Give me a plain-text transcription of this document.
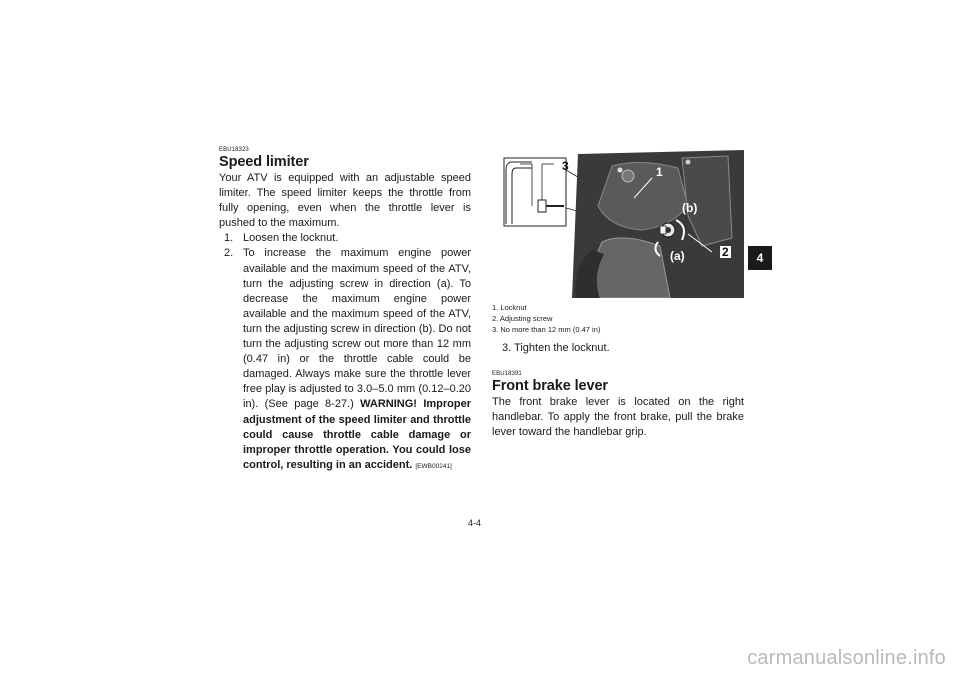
EBU18323

Speed limiter

Your ATV is equipped with an adjustable speed limiter. The speed limiter keeps the throttle from fully opening, even when the throttle lever is pushed to the maximum.

1. Loosen the locknut.
2. To increase the maximum engine power available and the maximum speed of the ATV, turn the adjusting screw in direction (a). To decrease the maximum engine power available and the maximum speed of the ATV, turn the adjusting screw in direction (b). Do not turn the adjusting screw out more than 12 mm (0.47 in) or the throttle cable could be damaged. Always make sure the throttle lever free play is adjusted to 3.0–5.0 mm (0.12–0.20 in). (See page 8-27.) WARNING! Improper adjustment of the speed limiter and throttle could cause throttle cable damage or improper throttle operation. You could lose control, resulting in an accident. [EWB00241]
3	1
(b)
2
(a)
1. Locknut
2. Adjusting screw
3. No more than 12 mm (0.47 in)

3. Tighten the locknut.

EBU18391

Front brake lever

The front brake lever is located on the right handlebar. To apply the front brake, pull the brake lever toward the handlebar grip.

4
4-4
carmanualsonline.info
